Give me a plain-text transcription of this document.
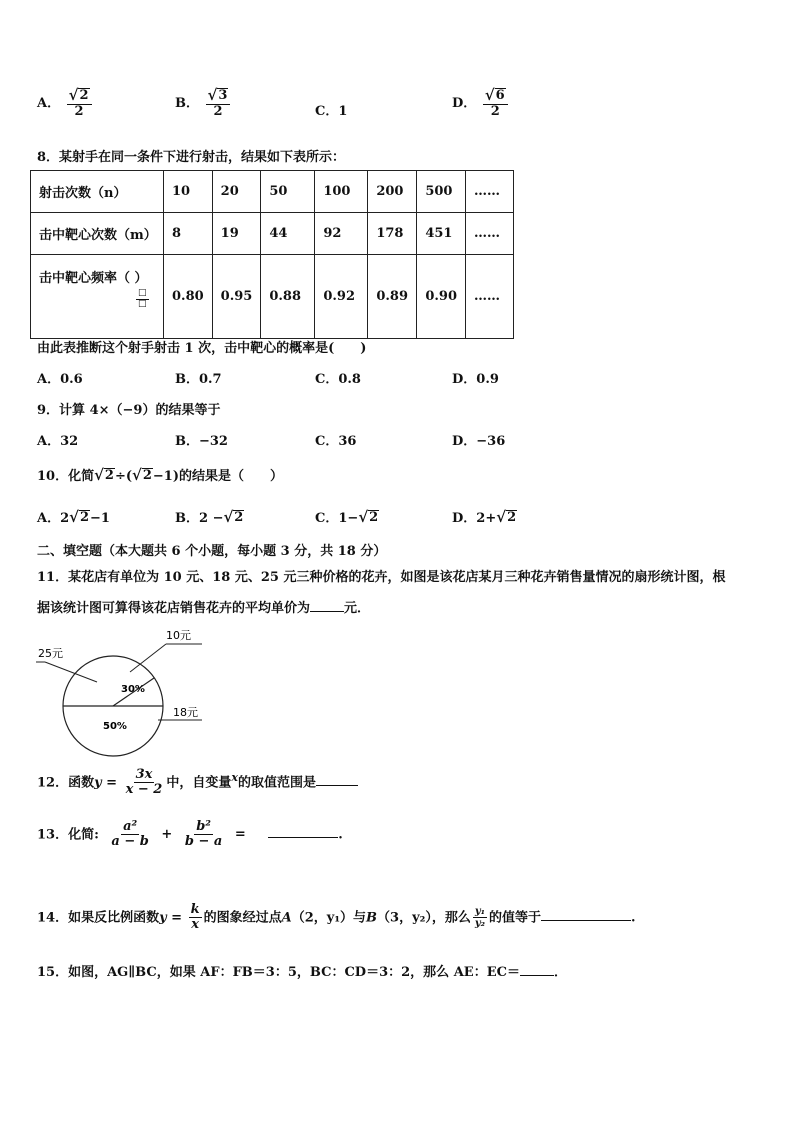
A． $\frac{√ 2}{2}$	B． $\frac{√ 3}{2}$	C．1
D． $\frac{√ 6}{2}$
8．某射手在同一条件下进行射击，结果如下表所示：
射击次数（n）	10	20	50	100	200	500	……
击中靶心次数（m）	8	19	44	92	178	451	……
击中靶心频率（ ）
□
□	0.80	0.95	0.88	0.92	0.89	0.90	……
由此表推断这个射手射击 1 次，击中靶心的概率是(　　)
A．0.6	B．0.7	C．0.8	D．0.9
9．计算 4×（−9）的结果等于
A．32	B．−32	C．36	D．−36
10．化简 √ 2 ÷( √ 2 −1)的结果是（　　）
A．2 √ 2 −1	B．2 − √ 2	C．1− √ 2	D．2+ √ 2
二、填空题（本大题共 6 个小题，每小题 3 分，共 18 分）
11．某花店有单位为 10 元、18 元、25 元三种价格的花卉，如图是该花店某月三种花卉销售量情况的扇形统计图，根
据该统计图可算得该花店销售花卉的平均单价为	元．
10元
25元
18元
30%
50%
12．函数$y = \frac{3x}{x - 2}$ 中，自变量$^x$的取值范围是
13．化简: $\frac{\text{a²}}{a - b} + \frac{\text{b²}}{b - a}$ =	.
14．如果反比例函数$y = \frac{k}{x}$ 的图象经过点A（2，y₁）与B（3，y₂），那么 $\frac{\text{y₁}}{\text{y₂}}$ 的值等于	.
15．如图，AG∥BC，如果 AF：FB＝3：5，BC：CD＝3：2，那么 AE：EC＝	．
